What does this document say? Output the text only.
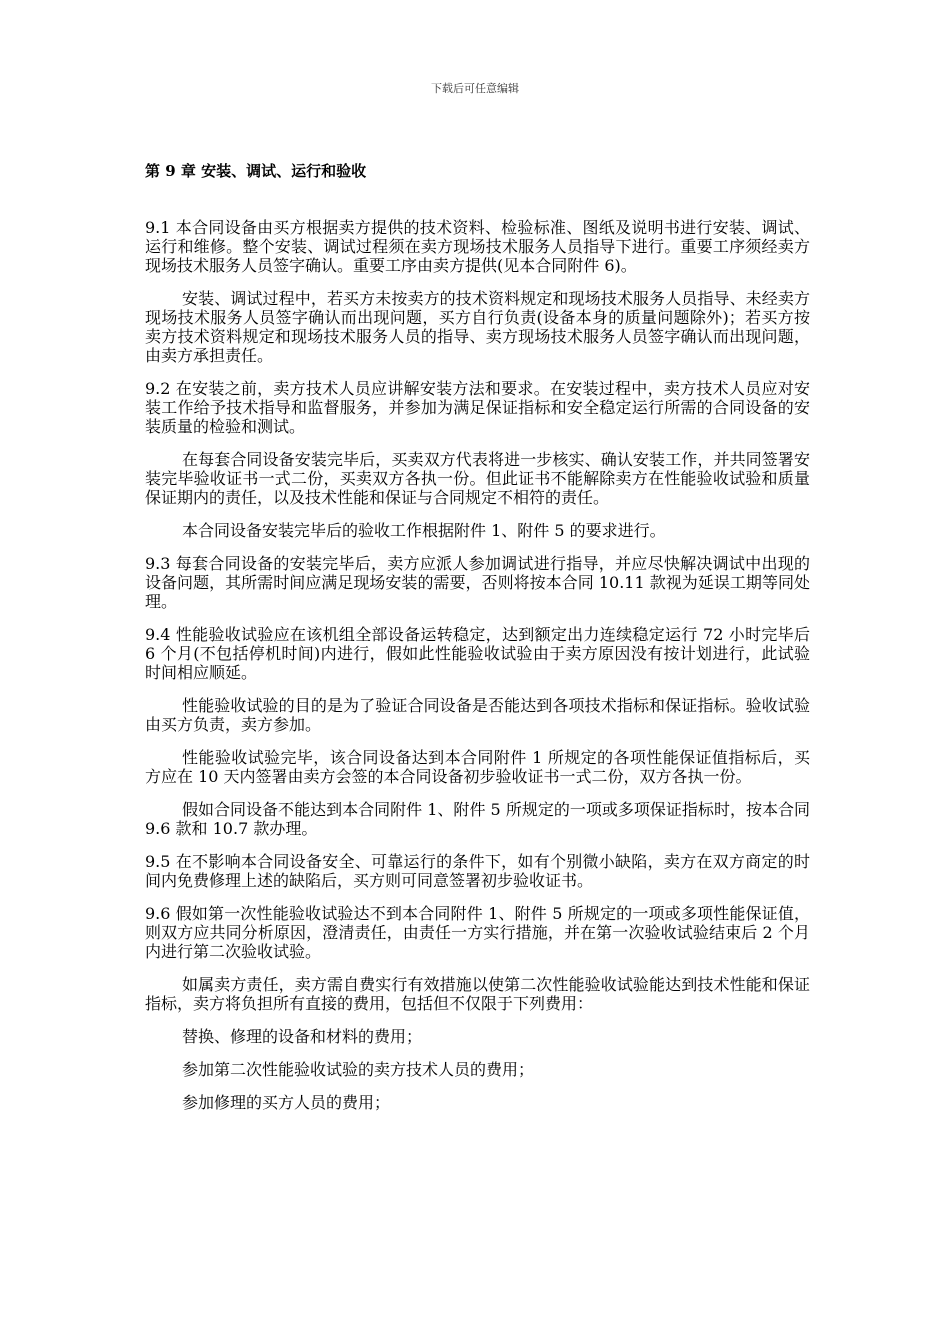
下载后可任意编辑
第 9 章 安装、调试、运行和验收

9.1 本合同设备由买方根据卖方提供的技术资料、检验标准、图纸及说明书进行安装、调试、运行和维修。整个安装、调试过程须在卖方现场技术服务人员指导下进行。重要工序须经卖方现场技术服务人员签字确认。重要工序由卖方提供(见本合同附件 6)。

安装、调试过程中，若买方未按卖方的技术资料规定和现场技术服务人员指导、未经卖方现场技术服务人员签字确认而出现问题，买方自行负责(设备本身的质量问题除外)；若买方按卖方技术资料规定和现场技术服务人员的指导、卖方现场技术服务人员签字确认而出现问题，由卖方承担责任。

9.2 在安装之前，卖方技术人员应讲解安装方法和要求。在安装过程中，卖方技术人员应对安装工作给予技术指导和监督服务，并参加为满足保证指标和安全稳定运行所需的合同设备的安装质量的检验和测试。

在每套合同设备安装完毕后，买卖双方代表将进一步核实、确认安装工作，并共同签署安装完毕验收证书一式二份，买卖双方各执一份。但此证书不能解除卖方在性能验收试验和质量保证期内的责任，以及技术性能和保证与合同规定不相符的责任。

本合同设备安装完毕后的验收工作根据附件 1、附件 5 的要求进行。

9.3 每套合同设备的安装完毕后，卖方应派人参加调试进行指导，并应尽快解决调试中出现的设备问题，其所需时间应满足现场安装的需要，否则将按本合同 10.11 款视为延误工期等同处理。

9.4 性能验收试验应在该机组全部设备运转稳定，达到额定出力连续稳定运行 72 小时完毕后 6 个月(不包括停机时间)内进行，假如此性能验收试验由于卖方原因没有按计划进行，此试验时间相应顺延。

性能验收试验的目的是为了验证合同设备是否能达到各项技术指标和保证指标。验收试验由买方负责，卖方参加。

性能验收试验完毕，该合同设备达到本合同附件 1 所规定的各项性能保证值指标后，买方应在 10 天内签署由卖方会签的本合同设备初步验收证书一式二份，双方各执一份。

假如合同设备不能达到本合同附件 1、附件 5 所规定的一项或多项保证指标时，按本合同 9.6 款和 10.7 款办理。

9.5 在不影响本合同设备安全、可靠运行的条件下，如有个别微小缺陷，卖方在双方商定的时间内免费修理上述的缺陷后，买方则可同意签署初步验收证书。

9.6 假如第一次性能验收试验达不到本合同附件 1、附件 5 所规定的一项或多项性能保证值，则双方应共同分析原因，澄清责任，由责任一方实行措施，并在第一次验收试验结束后 2 个月内进行第二次验收试验。

如属卖方责任，卖方需自费实行有效措施以使第二次性能验收试验能达到技术性能和保证指标，卖方将负担所有直接的费用，包括但不仅限于下列费用：

替换、修理的设备和材料的费用；

参加第二次性能验收试验的卖方技术人员的费用；

参加修理的买方人员的费用；
